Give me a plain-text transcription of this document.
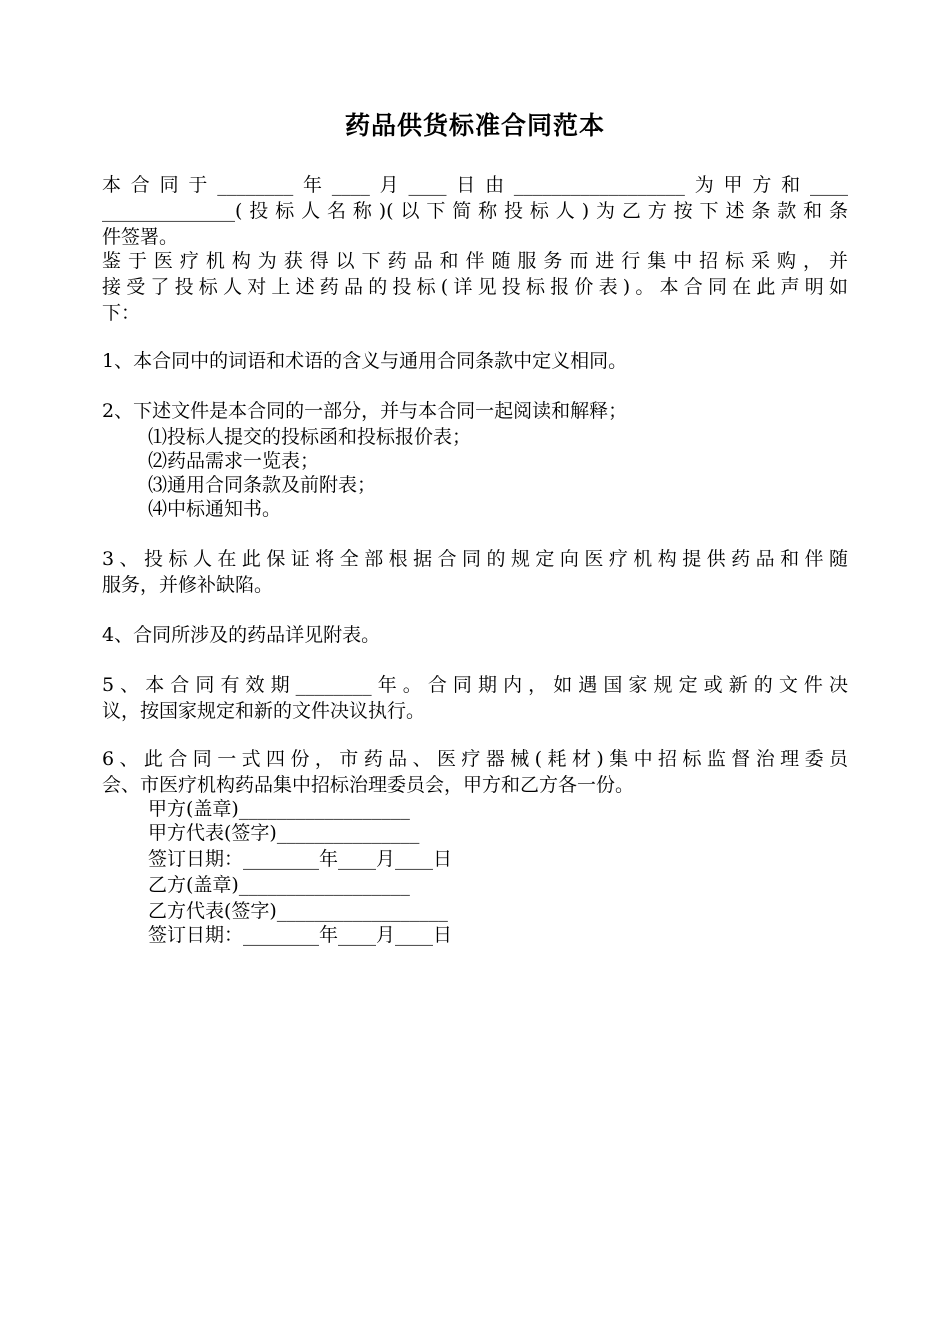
药品供货标准合同范本
本合同于________年____月____日由__________________为甲方和____
______________(投标人名称)(以下简称投标人)为乙方按下述条款和条
件签署。
鉴于医疗机构为获得以下药品和伴随服务而进行集中招标采购，并
接受了投标人对上述药品的投标(详见投标报价表)。本合同在此声明如
下：
1、本合同中的词语和术语的含义与通用合同条款中定义相同。
2、下述文件是本合同的一部分，并与本合同一起阅读和解释；
⑴投标人提交的投标函和投标报价表；
⑵药品需求一览表；
⑶通用合同条款及前附表；
⑷中标通知书。
3、投标人在此保证将全部根据合同的规定向医疗机构提供药品和伴随
服务，并修补缺陷。
4、合同所涉及的药品详见附表。
5、本合同有效期________年。合同期内，如遇国家规定或新的文件决
议，按国家规定和新的文件决议执行。
6、此合同一式四份，市药品、医疗器械(耗材)集中招标监督治理委员
会、市医疗机构药品集中招标治理委员会，甲方和乙方各一份。
甲方(盖章)__________________
甲方代表(签字)_______________
签订日期：________年____月____日
乙方(盖章)__________________
乙方代表(签字)__________________
签订日期：________年____月____日
